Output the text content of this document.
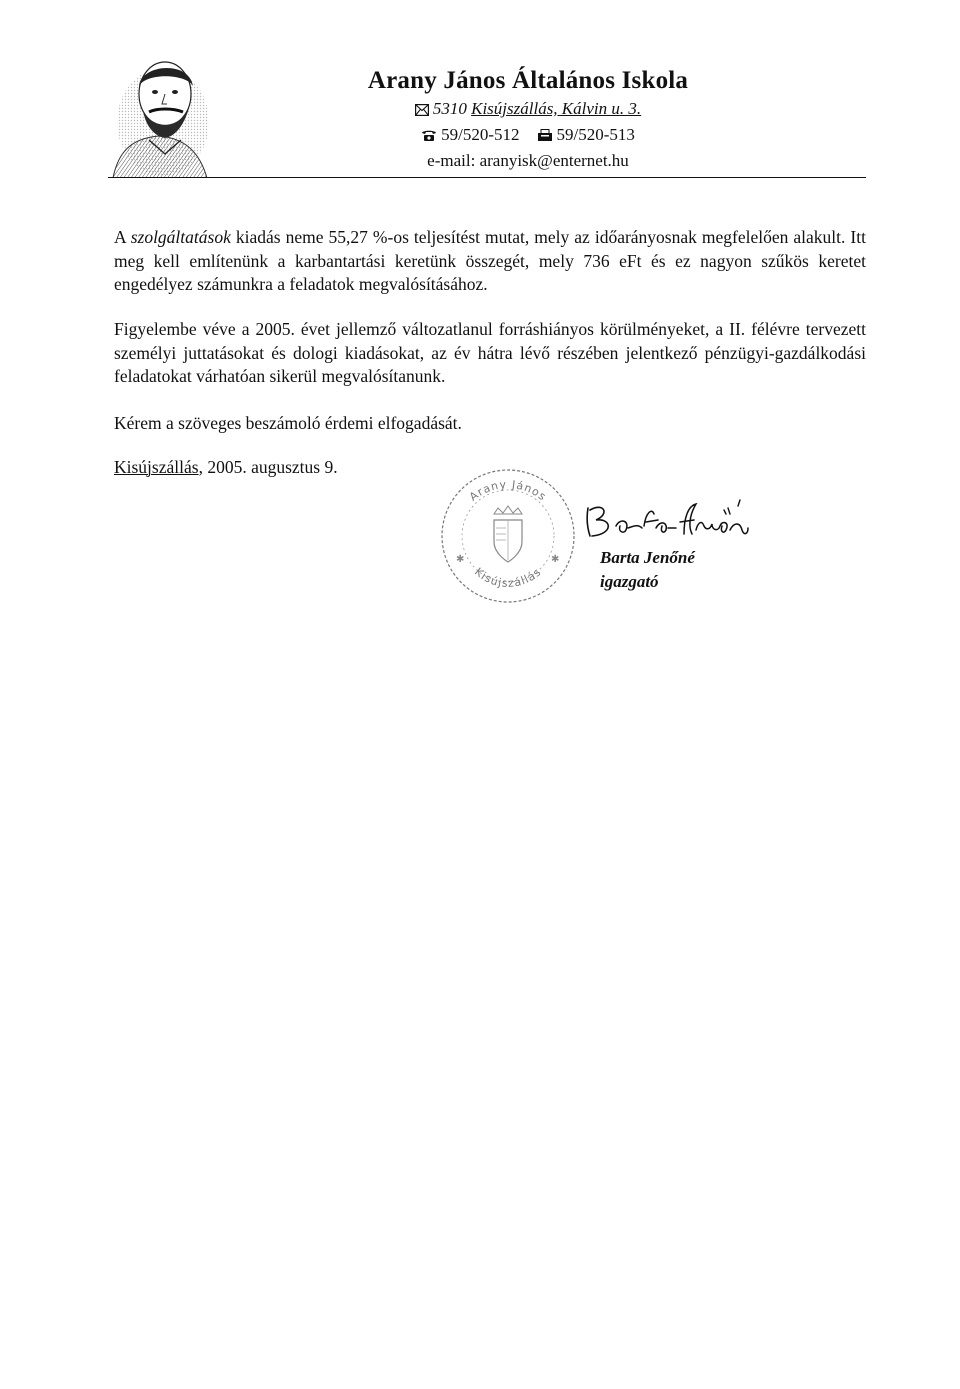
Arany János Általános Iskola
5310 Kisújszállás, Kálvin u. 3.
59/520-512 59/520-513
e-mail: aranyisk@enternet.hu

A szolgáltatások kiadás neme 55,27 %-os teljesítést mutat, mely az időarányosnak megfelelően alakult. Itt meg kell említenünk a karbantartási keretünk összegét, mely 736 eFt és ez nagyon szűkös keretet engedélyez számunkra a feladatok megvalósításához.

Figyelembe véve a 2005. évet jellemző változatlanul forráshiányos körülményeket, a II. félévre tervezett személyi juttatásokat és dologi kiadásokat, az év hátra lévő részében jelentkező pénzügyi-gazdálkodási feladatokat várhatóan sikerül megvalósítanunk.

Kérem a szöveges beszámoló érdemi elfogadását.

Kisújszállás, 2005. augusztus 9.

Arany János
Kisújszállás
✱	✱ Barta Jenőné
igazgató
